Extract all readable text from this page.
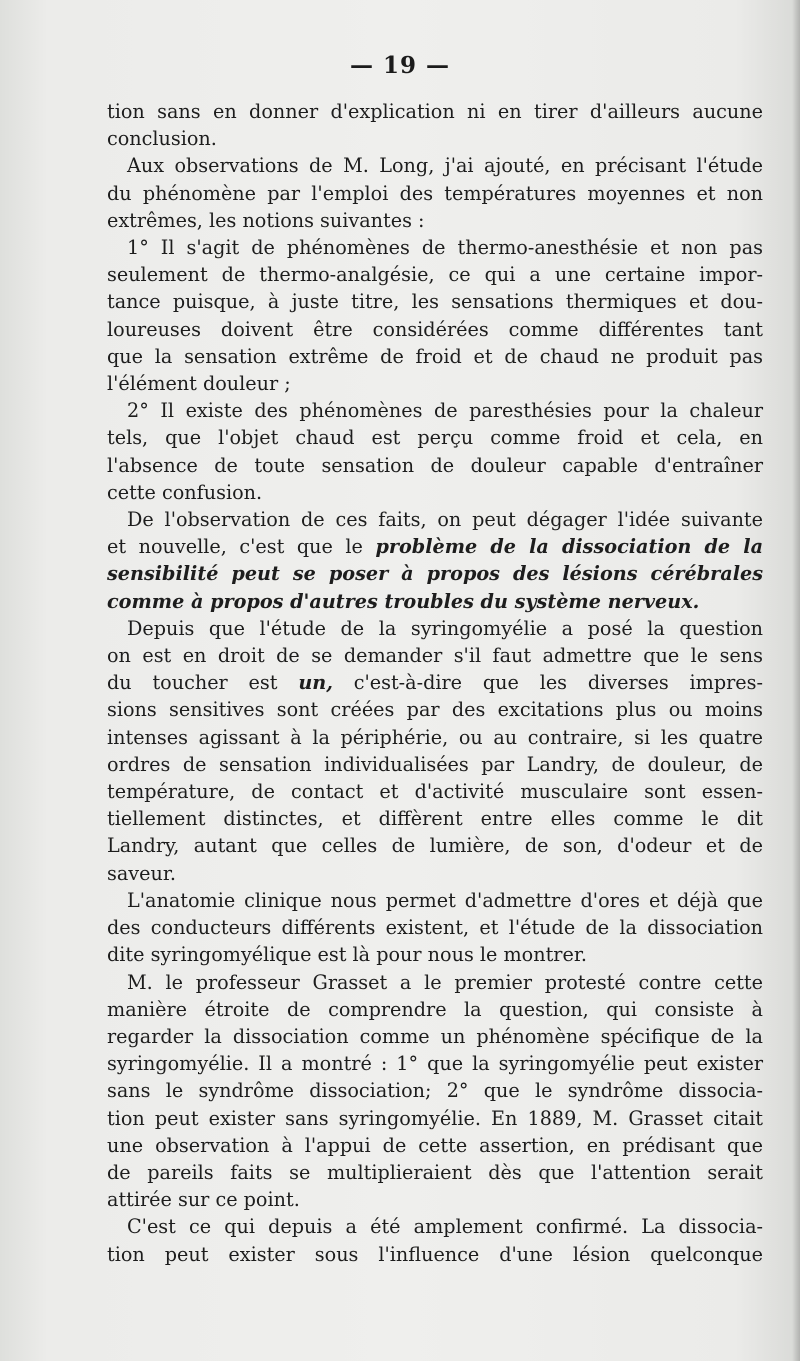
— 19 —
tion sans en donner d'explication ni en tirer d'ailleurs aucune
conclusion.
Aux observations de M. Long, j'ai ajouté, en précisant l'étude
du phénomène par l'emploi des températures moyennes et non
extrêmes, les notions suivantes :
1° Il s'agit de phénomènes de thermo-anesthésie et non pas
seulement de thermo-analgésie, ce qui a une certaine impor-
tance puisque, à juste titre, les sensations thermiques et dou-
loureuses doivent être considérées comme différentes tant
que la sensation extrême de froid et de chaud ne produit pas
l'élément douleur ;
2° Il existe des phénomènes de paresthésies pour la chaleur
tels, que l'objet chaud est perçu comme froid et cela, en
l'absence de toute sensation de douleur capable d'entraîner
cette confusion.
De l'observation de ces faits, on peut dégager l'idée suivante
et nouvelle, c'est que le problème de la dissociation de la
sensibilité peut se poser à propos des lésions cérébrales
comme à propos d'autres troubles du système nerveux.
Depuis que l'étude de la syringomyélie a posé la question
on est en droit de se demander s'il faut admettre que le sens
du toucher est un, c'est-à-dire que les diverses impres-
sions sensitives sont créées par des excitations plus ou moins
intenses agissant à la périphérie, ou au contraire, si les quatre
ordres de sensation individualisées par Landry, de douleur, de
température, de contact et d'activité musculaire sont essen-
tiellement distinctes, et diffèrent entre elles comme le dit
Landry, autant que celles de lumière, de son, d'odeur et de
saveur.
L'anatomie clinique nous permet d'admettre d'ores et déjà que
des conducteurs différents existent, et l'étude de la dissociation
dite syringomyélique est là pour nous le montrer.
M. le professeur Grasset a le premier protesté contre cette
manière étroite de comprendre la question, qui consiste à
regarder la dissociation comme un phénomène spécifique de la
syringomyélie. Il a montré : 1° que la syringomyélie peut exister
sans le syndrôme dissociation; 2° que le syndrôme dissocia-
tion peut exister sans syringomyélie. En 1889, M. Grasset citait
une observation à l'appui de cette assertion, en prédisant que
de pareils faits se multiplieraient dès que l'attention serait
attirée sur ce point.
C'est ce qui depuis a été amplement confirmé. La dissocia-
tion peut exister sous l'influence d'une lésion quelconque
